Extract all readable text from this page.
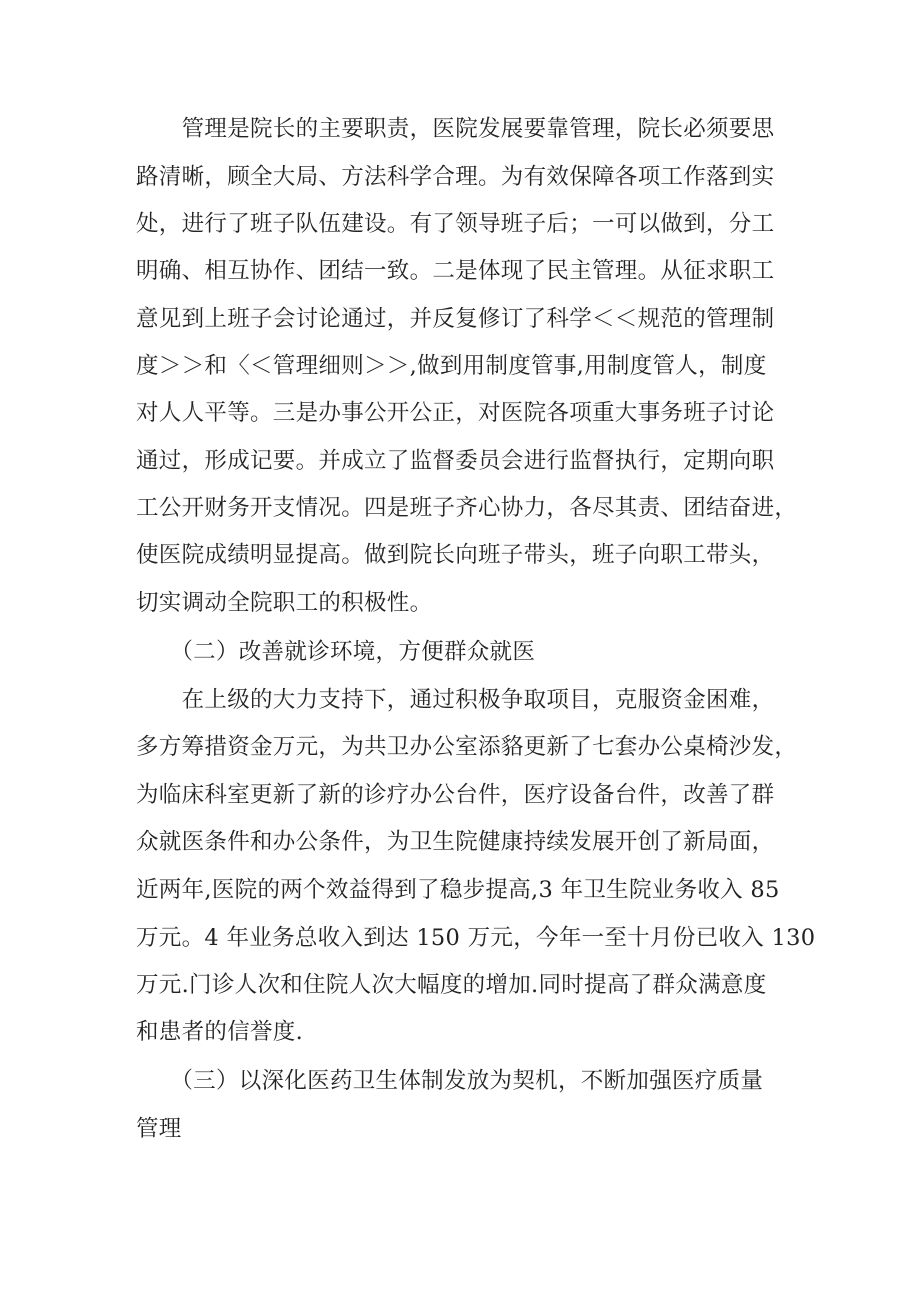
　　管理是院长的主要职责，医院发展要靠管理，院长必须要思
路清晰，顾全大局、方法科学合理。为有效保障各项工作落到实
处，进行了班子队伍建设。有了领导班子后；一可以做到，分工
明确、相互协作、团结一致。二是体现了民主管理。从征求职工
意见到上班子会讨论通过，并反复修订了科学＜＜规范的管理制
度＞＞和〈＜管理细则＞＞,做到用制度管事,用制度管人，制度
对人人平等。三是办事公开公正，对医院各项重大事务班子讨论
通过，形成记要。并成立了监督委员会进行监督执行，定期向职
工公开财务开支情况。四是班子齐心协力，各尽其责、团结奋进，
使医院成绩明显提高。做到院长向班子带头，班子向职工带头，
切实调动全院职工的积极性。
　　（二）改善就诊环境，方便群众就医
　　在上级的大力支持下，通过积极争取项目，克服资金困难，
多方筹措资金万元，为共卫办公室添貉更新了七套办公桌椅沙发，
为临床科室更新了新的诊疗办公台件，医疗设备台件，改善了群
众就医条件和办公条件，为卫生院健康持续发展开创了新局面，
近两年,医院的两个效益得到了稳步提高,3 年卫生院业务收入 85
万元。4 年业务总收入到达 150 万元，今年一至十月份已收入 130
万元.门诊人次和住院人次大幅度的增加.同时提高了群众满意度
和患者的信誉度.
　　（三）以深化医药卫生体制发放为契机，不断加强医疗质量
管理
